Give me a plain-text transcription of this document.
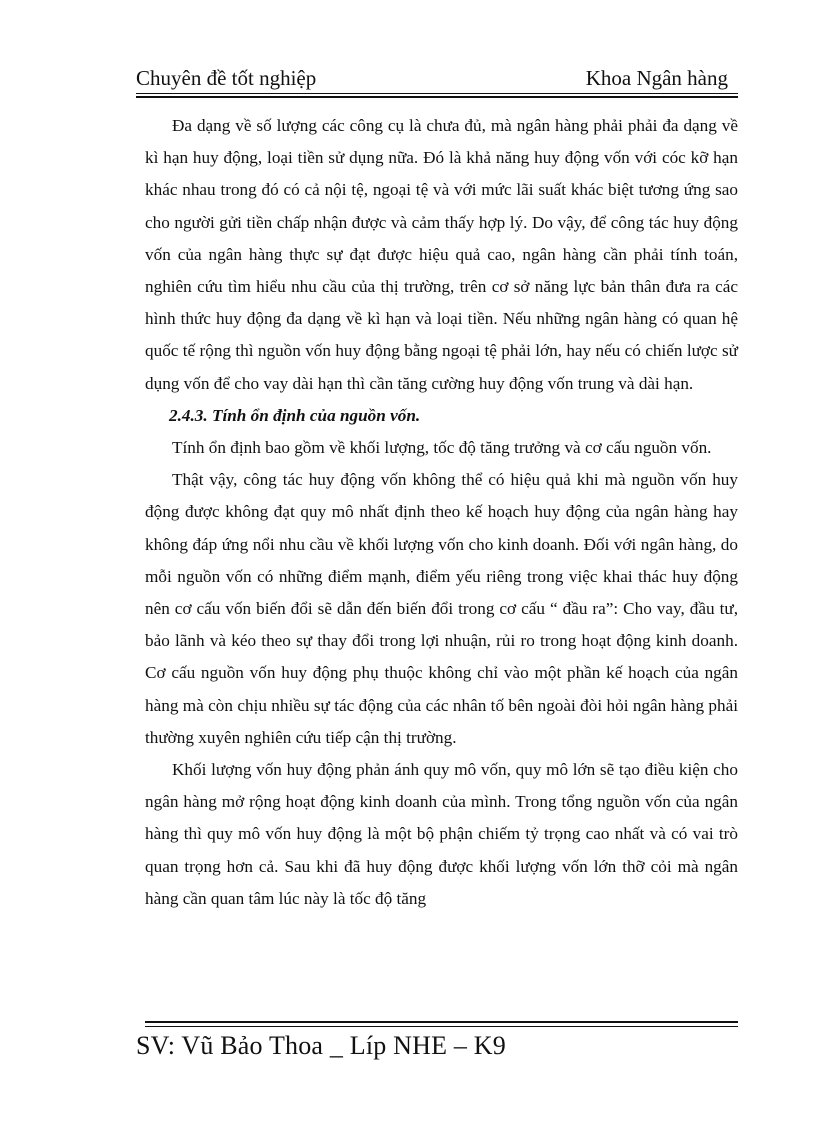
Chuyên đề tốt nghiệp	Khoa Ngân hàng

Đa dạng về số lượng các công cụ là chưa đủ, mà ngân hàng phải phải đa dạng về kì hạn huy động, loại tiền sử dụng nữa. Đó là khả năng huy động vốn với cóc kỡ hạn khác nhau trong đó có cả nội tệ, ngoại tệ và với mức lãi suất khác biệt tương ứng sao cho người gửi tiền chấp nhận được và cảm thấy hợp lý. Do vậy, để công tác huy động vốn của ngân hàng thực sự đạt được hiệu quả cao, ngân hàng cần phải tính toán, nghiên cứu tìm hiểu nhu cầu của thị trường, trên cơ sở năng lực bản thân đưa ra các hình thức huy động đa dạng về kì hạn và loại tiền. Nếu những ngân hàng có quan hệ quốc tế rộng thì nguồn vốn huy động bằng ngoại tệ phải lớn, hay nếu có chiến lược sử dụng vốn để cho vay dài hạn thì cần tăng cường huy động vốn trung và dài hạn.

2.4.3. Tính ổn định của nguồn vốn.

Tính ổn định bao gồm về khối lượng, tốc độ tăng trưởng và cơ cấu nguồn vốn.

Thật vậy, công tác huy động vốn không thể có hiệu quả khi mà nguồn vốn huy động được không đạt quy mô nhất định theo kế hoạch huy động của ngân hàng hay không đáp ứng nổi nhu cầu về khối lượng vốn cho kinh doanh. Đối với ngân hàng, do mỗi nguồn vốn có những điểm mạnh, điểm yếu riêng trong việc khai thác huy động nên cơ cấu vốn biến đổi sẽ dẫn đến biến đổi trong cơ cấu “ đầu ra”: Cho vay, đầu tư, bảo lãnh và kéo theo sự thay đổi trong lợi nhuận, rủi ro trong hoạt động kinh doanh. Cơ cấu nguồn vốn huy động phụ thuộc không chỉ vào một phần kế hoạch của ngân hàng mà còn chịu nhiều sự tác động của các nhân tố bên ngoài đòi hỏi ngân hàng phải thường xuyên nghiên cứu tiếp cận thị trường.

Khối lượng vốn huy động phản ánh quy mô vốn, quy mô lớn sẽ tạo điều kiện cho ngân hàng mở rộng hoạt động kinh doanh của mình. Trong tổng nguồn vốn của ngân hàng thì quy mô vốn huy động là một bộ phận chiếm tỷ trọng cao nhất và có vai trò quan trọng hơn cả. Sau khi đã huy động được khối lượng vốn lớn thỡ cỏi mà ngân hàng cần quan tâm lúc này là tốc độ tăng

SV: Vũ Bảo Thoa _ Líp NHE – K9
